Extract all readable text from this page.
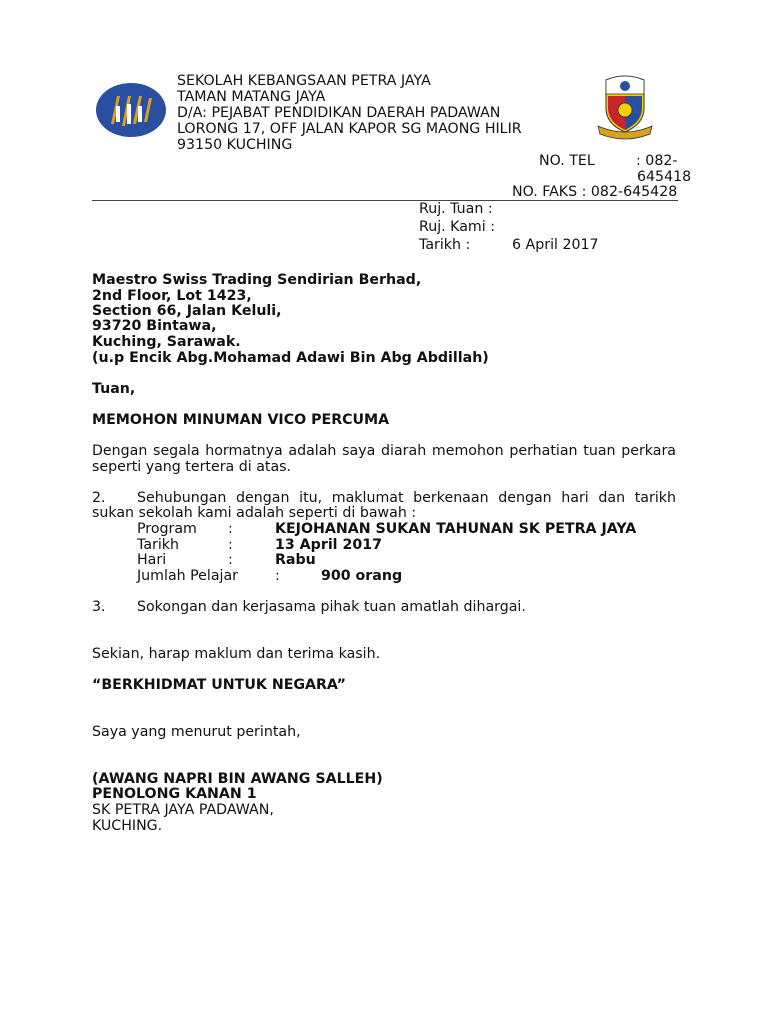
SEKOLAH KEBANGSAAN PETRA JAYA
TAMAN MATANG JAYA
D/A: PEJABAT PENDIDIKAN DAERAH PADAWAN
LORONG 17, OFF JALAN KAPOR SG MAONG HILIR
93150 KUCHING
NO. TEL	: 082-
645418
NO. FAKS : 082-645428
Ruj. Tuan :
Ruj. Kami :
Tarikh :	6 April 2017
Maestro Swiss Trading Sendirian Berhad,
2nd Floor, Lot 1423,
Section 66, Jalan Keluli,
93720 Bintawa,
Kuching, Sarawak.
(u.p Encik Abg.Mohamad Adawi Bin Abg Abdillah)
Tuan,
MEMOHON MINUMAN VICO PERCUMA
Dengan segala hormatnya adalah saya diarah memohon perhatian tuan perkara
seperti yang tertera di atas.
2. Sehubungan dengan itu, maklumat berkenaan dengan hari dan tarikh
sukan sekolah kami adalah seperti di bawah :
Program :	KEJOHANAN SUKAN TAHUNAN SK PETRA JAYA
Tarikh	:	13 April 2017
Hari	:	Rabu
Jumlah Pelajar	:	900 orang
3. Sokongan dan kerjasama pihak tuan amatlah dihargai.
Sekian, harap maklum dan terima kasih.
“BERKHIDMAT UNTUK NEGARA”
Saya yang menurut perintah,
(AWANG NAPRI BIN AWANG SALLEH)
PENOLONG KANAN 1
SK PETRA JAYA PADAWAN,
KUCHING.
